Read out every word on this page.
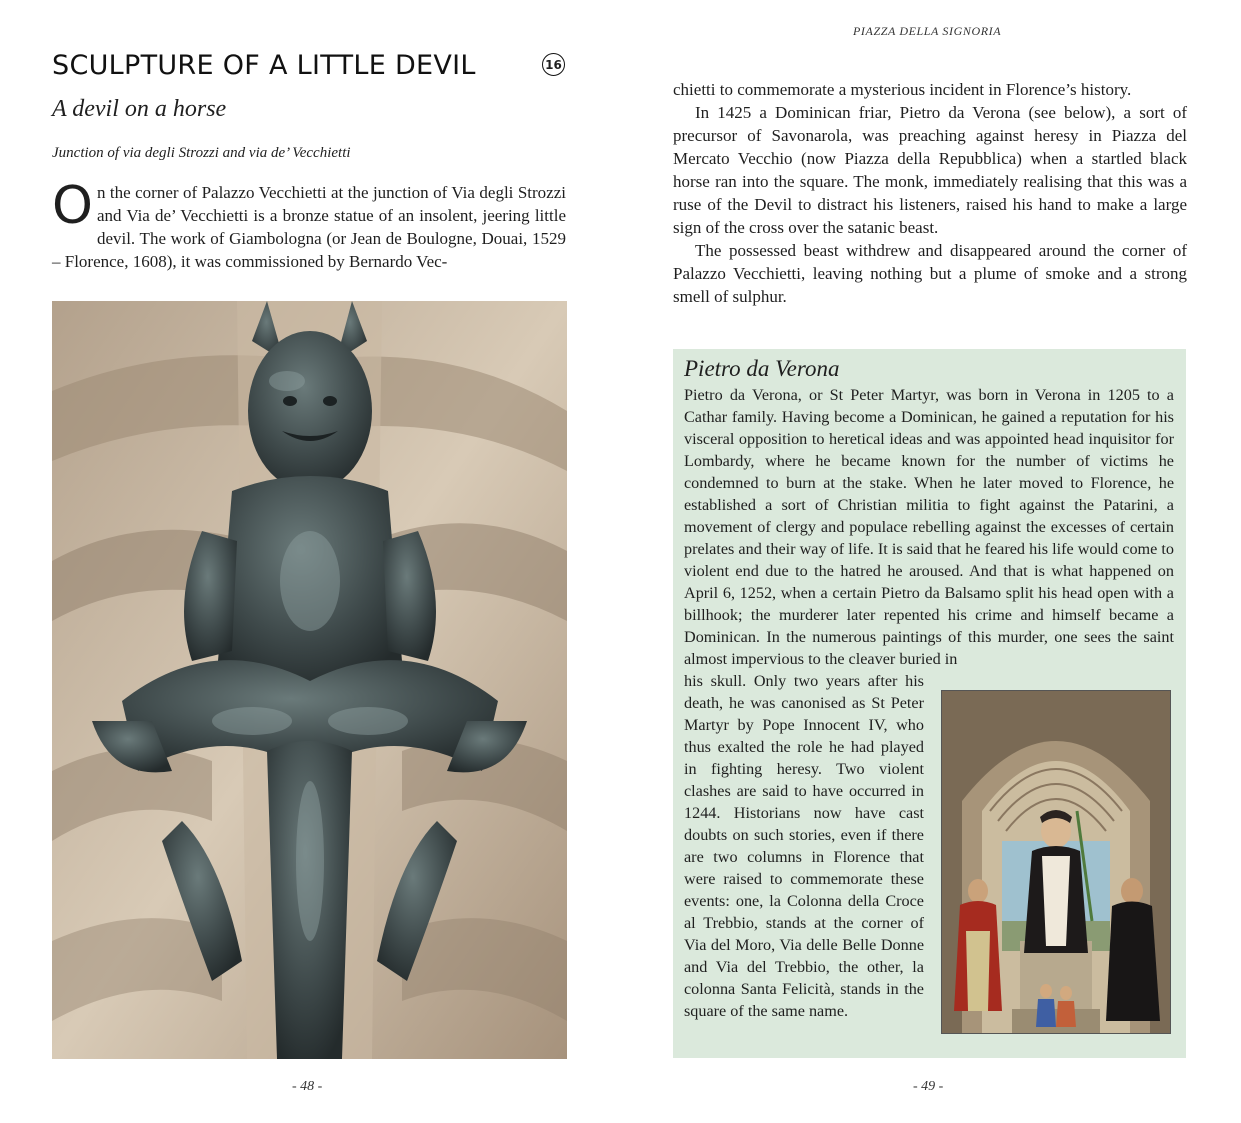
SCULPTURE OF A LITTLE DEVIL	16
A devil on a horse

Junction of via degli Strozzi and via de’ Vecchietti

On the corner of Palazzo Vecchietti at the junction of Via degli Strozzi and Via de’ Vecchietti is a bronze statue of an insolent, jeering little devil. The work of Giambologna (or Jean de Boulogne, Douai, 1529 – Florence, 1608), it was commissioned by Bernardo Vec-

- 48 -
PIAZZA DELLA SIGNORIA

chietti to commemorate a mysterious incident in Florence’s history.

In 1425 a Dominican friar, Pietro da Verona (see below), a sort of precursor of Savonarola, was preaching against heresy in Piazza del Mercato Vecchio (now Piazza della Repubblica) when a startled black horse ran into the square. The monk, immediately realising that this was a ruse of the Devil to distract his listeners, raised his hand to make a large sign of the cross over the satanic beast.

The possessed beast withdrew and disappeared around the corner of Palazzo Vecchietti, leaving nothing but a plume of smoke and a strong smell of sulphur.

Pietro da Verona

Pietro da Verona, or St Peter Martyr, was born in Verona in 1205 to a Cathar family. Having become a Dominican, he gained a reputation for his visceral opposition to heretical ideas and was appointed head inquisitor for Lombardy, where he became known for the number of victims he condemned to burn at the stake. When he later moved to Florence, he established a sort of Christian militia to fight against the Patarini, a movement of clergy and populace rebelling against the excesses of certain prelates and their way of life. It is said that he feared his life would come to violent end due to the hatred he aroused. And that is what happened on April 6, 1252, when a certain Pietro da Balsamo split his head open with a billhook; the murderer later repented his crime and himself became a Dominican. In the numerous paintings of this murder, one sees the saint almost impervious to the cleaver buried in

his skull. Only two years after his death, he was canonised as St Peter Martyr by Pope Innocent IV, who thus exalted the role he had played in fighting heresy. Two violent clashes are said to have occurred in 1244. Historians now have cast doubts on such stories, even if there are two columns in Florence that were raised to commemorate these events: one, la Colonna della Croce al Trebbio, stands at the corner of Via del Moro, Via delle Belle Donne and Via del Trebbio, the other, la colonna Santa Felicità, stands in the square of the same name.

- 49 -
